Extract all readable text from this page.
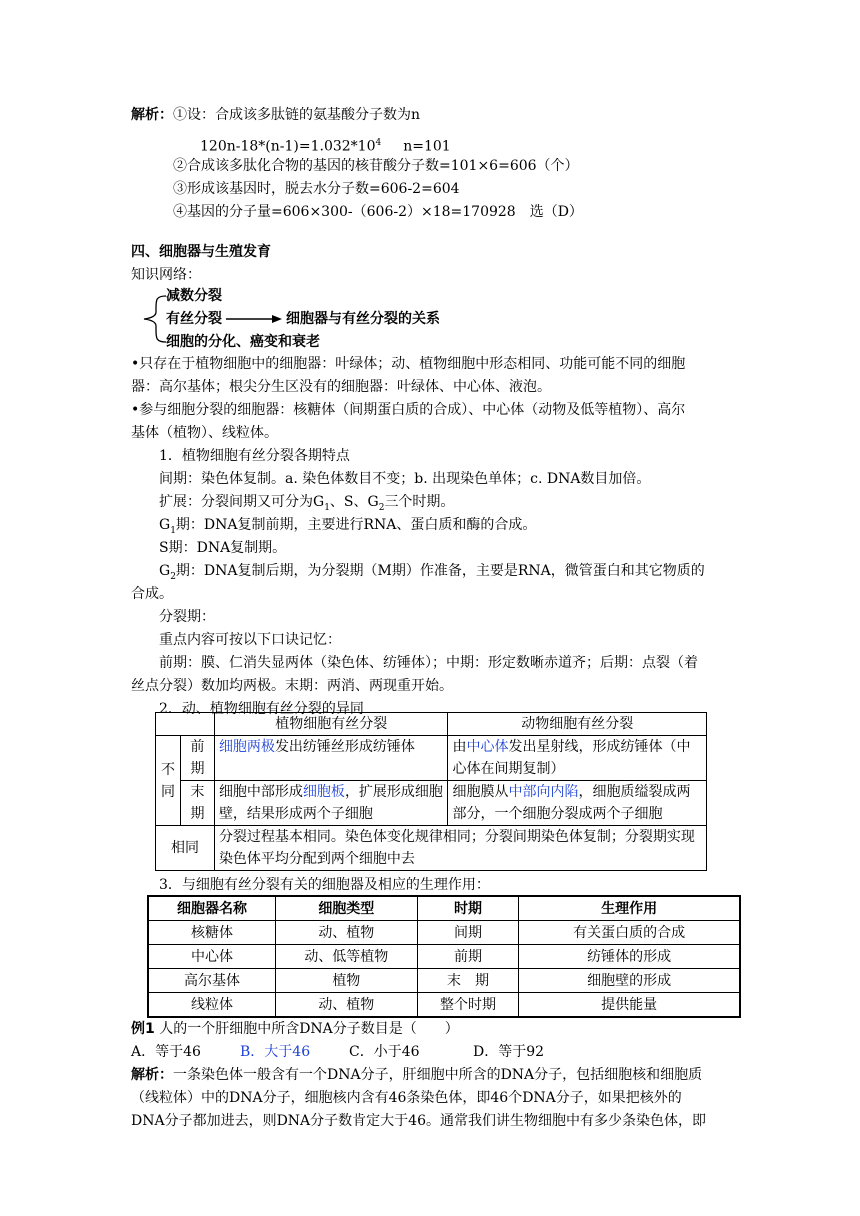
解析：①设：合成该多肽链的氨基酸分子数为n
$120n-18*(n-1)=1.032*10^4$ n=101
②合成该多肽化合物的基因的核苷酸分子数=101×6=606（个）
③形成该基因时，脱去水分子数=606-2=604
④基因的分子量=606×300-（606-2）×18=170928　选（D）
四、细胞器与生殖发育
知识网络：
减数分裂
有丝分裂	细胞器与有丝分裂的关系
细胞的分化、癌变和衰老
•只存在于植物细胞中的细胞器：叶绿体；动、植物细胞中形态相同、功能可能不同的细胞
器：高尔基体；根尖分生区没有的细胞器：叶绿体、中心体、液泡。
•参与细胞分裂的细胞器：核糖体（间期蛋白质的合成）、中心体（动物及低等植物）、高尔
基体（植物）、线粒体。
1．植物细胞有丝分裂各期特点
间期：染色体复制。a. 染色体数目不变；b. 出现染色单体；c. DNA数目加倍。
扩展：分裂间期又可分为$G_1$、S、$G_2$三个时期。
$G_1$期：DNA复制前期，主要进行RNA、蛋白质和酶的合成。
S期：DNA复制期。
$G_2$期：DNA复制后期，为分裂期（M期）作准备，主要是RNA，微管蛋白和其它物质的
合成。
分裂期：
重点内容可按以下口诀记忆：
前期：膜、仁消失显两体（染色体、纺锤体）；中期：形定数晰赤道齐；后期：点裂（着
丝点分裂）数加均两极。末期：两消、两现重开始。
2．动、植物细胞有丝分裂的异同
		植物细胞有丝分裂	动物细胞有丝分裂
不同	前期	细胞两极发出纺锤丝形成纺锤体	由中心体发出星射线，形成纺锤体（中心体在间期复制）
	末期	细胞中部形成细胞板，扩展形成细胞壁，结果形成两个子细胞	细胞膜从中部向内陷，细胞质缢裂成两部分，一个细胞分裂成两个子细胞
相同		分裂过程基本相同。染色体变化规律相同；分裂间期染色体复制；分裂期实现染色体平均分配到两个细胞中去	
3．与细胞有丝分裂有关的细胞器及相应的生理作用：
细胞器名称	细胞类型	时期	生理作用
核糖体	动、植物	间期	有关蛋白质的合成
中心体	动、低等植物	前期	纺锤体的形成
高尔基体	植物	末　期	细胞壁的形成
线粒体	动、植物	整个时期	提供能量
例1 人的一个肝细胞中所含DNA分子数目是（　　）
A．等于46	B．大于46	C．小于46	D．等于92
解析：一条染色体一般含有一个DNA分子，肝细胞中所含的DNA分子，包括细胞核和细胞质
（线粒体）中的DNA分子，细胞核内含有46条染色体，即46个DNA分子，如果把核外的
DNA分子都加进去，则DNA分子数肯定大于46。通常我们讲生物细胞中有多少条染色体，即
